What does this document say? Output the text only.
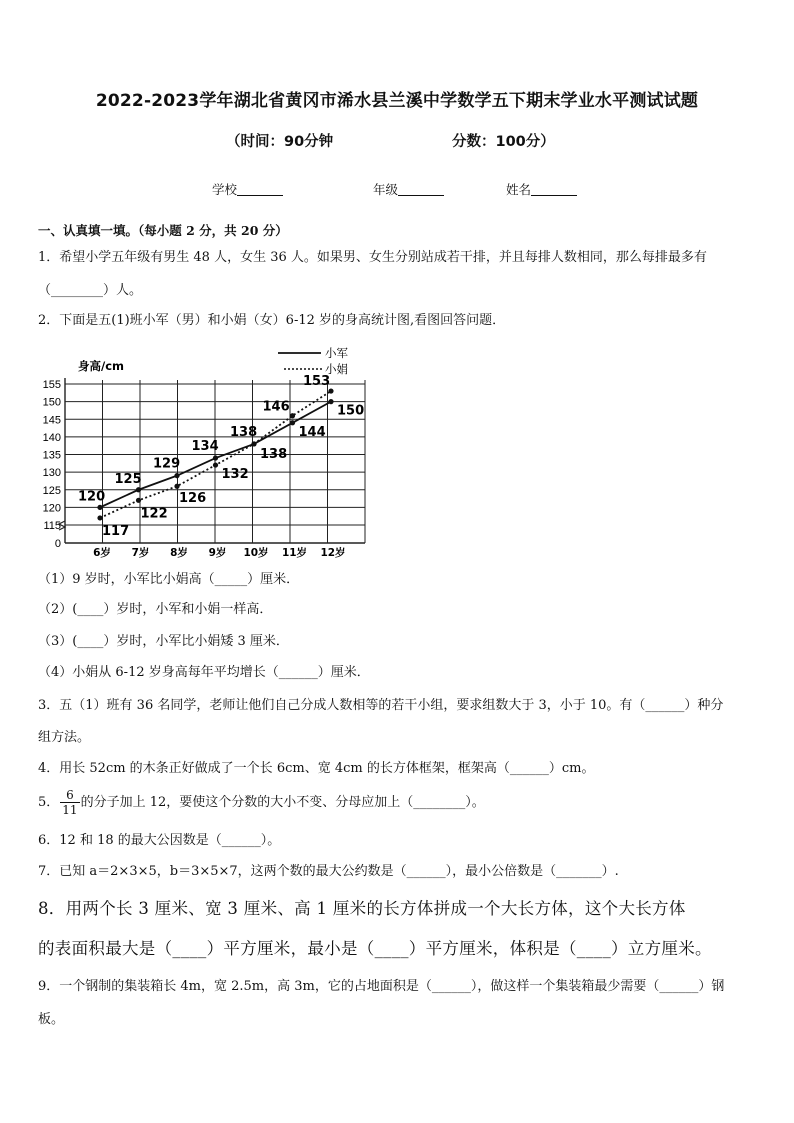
2022-2023学年湖北省黄冈市浠水县兰溪中学数学五下期末学业水平测试试题
（时间：90分钟	分数：100分）
学校	年级	姓名
一、认真填一填。（每小题 2 分，共 20 分）
1．希望小学五年级有男生 48 人，女生 36 人。如果男、女生分别站成若干排，并且每排人数相同，那么每排最多有
（________）人。
2．下面是五(1)班小军（男）和小娟（女）6-12 岁的身高统计图,看图回答问题．
0
115
120
125
130
135
140
145
150
155
身高/cm
6岁 7岁 8岁 9岁 10岁 11岁 12岁
小军
小娟
120
125
129
134
138	144
150
117
122
126
132
138
146
153
（1）9 岁时，小军比小娟高（_____）厘米．
（2）(____）岁时，小军和小娟一样高．
（3）(____）岁时，小军比小娟矮 3 厘米．
（4）小娟从 6-12 岁身高每年平均增长（______）厘米．
3．五（1）班有 36 名同学，老师让他们自己分成人数相等的若干小组，要求组数大于 3，小于 10。有（______）种分
组方法。
4．用长 52cm 的木条正好做成了一个长 6cm、宽 4cm 的长方体框架，框架高（______）cm。
5． $\frac{6}{11}$ 的分子加上 12，要使这个分数的大小不变、分母应加上（________）。
6．12 和 18 的最大公因数是（______）。
7．已知 a＝2×3×5，b＝3×5×7，这两个数的最大公约数是（______），最小公倍数是（_______）.
8．用两个长 3 厘米、宽 3 厘米、高 1 厘米的长方体拼成一个大长方体，这个大长方体
的表面积最大是（____）平方厘米，最小是（____）平方厘米，体积是（____）立方厘米。
9．一个钢制的集装箱长 4m，宽 2.5m，高 3m，它的占地面积是（______），做这样一个集装箱最少需要（______）钢
板。
